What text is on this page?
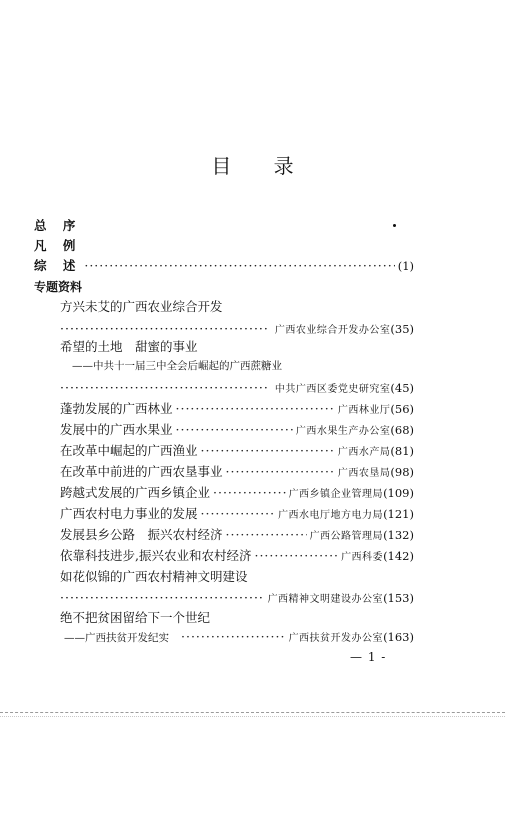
目 录
总 序
凡 例
综 述 ·····	(1)
专题资料
方兴未艾的广西农业综合开发
·····
广西农业综合开发办公室 (35)
希望的土地　甜蜜的事业
——中共十一届三中全会后崛起的广西蔗糖业
·····
中共广西区委党史研究室 (45)
蓬勃发展的广西林业 ·····	广西林业厅 (56)
发展中的广西水果业 ·····	广西水果生产办公室 (68)
在改革中崛起的广西渔业 ·····	广西水产局 (81)
在改革中前进的广西农垦事业 ·····	广西农垦局 (98)
跨越式发展的广西乡镇企业 ·····	广西乡镇企业管理局 (109)
广西农村电力事业的发展 ·····	广西水电厅地方电力局 (121)
发展县乡公路　振兴农村经济 ·····	广西公路管理局 (132)
依靠科技进步,振兴农业和农村经济 ·····	广西科委 (142)
如花似锦的广西农村精神文明建设
·····
广西精神文明建设办公室 (153)
绝不把贫困留给下一个世纪
——广西扶贫开发纪实 ·····	广西扶贫开发办公室 (163)
— 1 -
